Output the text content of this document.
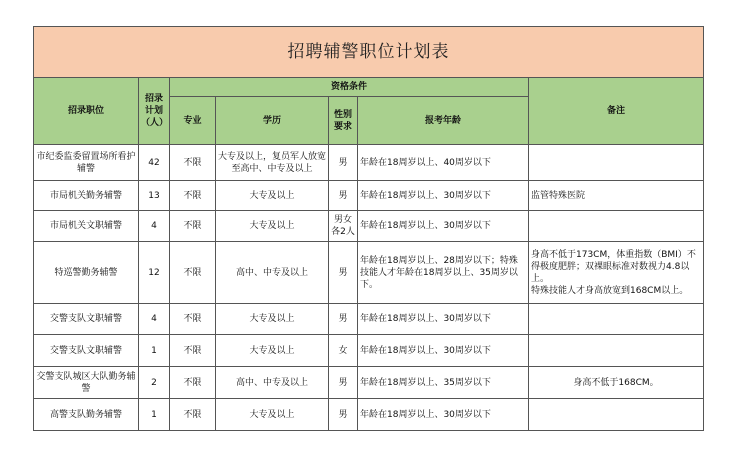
招聘辅警职位计划表						
招录职位	招录计划（人）	资格条件				备注
		专业	学历	性别要求	报考年龄	
市纪委监委留置场所看护辅警	42	不限	大专及以上，复员军人放宽至高中、中专及以上	男	年龄在18周岁以上、40周岁以下	
市局机关勤务辅警	13	不限	大专及以上	男	年龄在18周岁以上、30周岁以下	监管特殊医院
市局机关文职辅警	4	不限	大专及以上	男女各2人	年龄在18周岁以上、30周岁以下	
特巡警勤务辅警	12	不限	高中、中专及以上	男	年龄在18周岁以上、28周岁以下；特殊技能人才年龄在18周岁以上、35周岁以下。	身高不低于173CM，体重指数（BMI）不得极度肥胖；双裸眼标准对数视力4.8以上。
特殊技能人才身高放宽到168CM以上。
交警支队文职辅警	4	不限	大专及以上	男	年龄在18周岁以上、30周岁以下	
交警支队文职辅警	1	不限	大专及以上	女	年龄在18周岁以上、30周岁以下	
交警支队城区大队勤务辅警	2	不限	高中、中专及以上	男	年龄在18周岁以上、35周岁以下	身高不低于168CM。
高警支队勤务辅警	1	不限	大专及以上	男	年龄在18周岁以上、30周岁以下	
